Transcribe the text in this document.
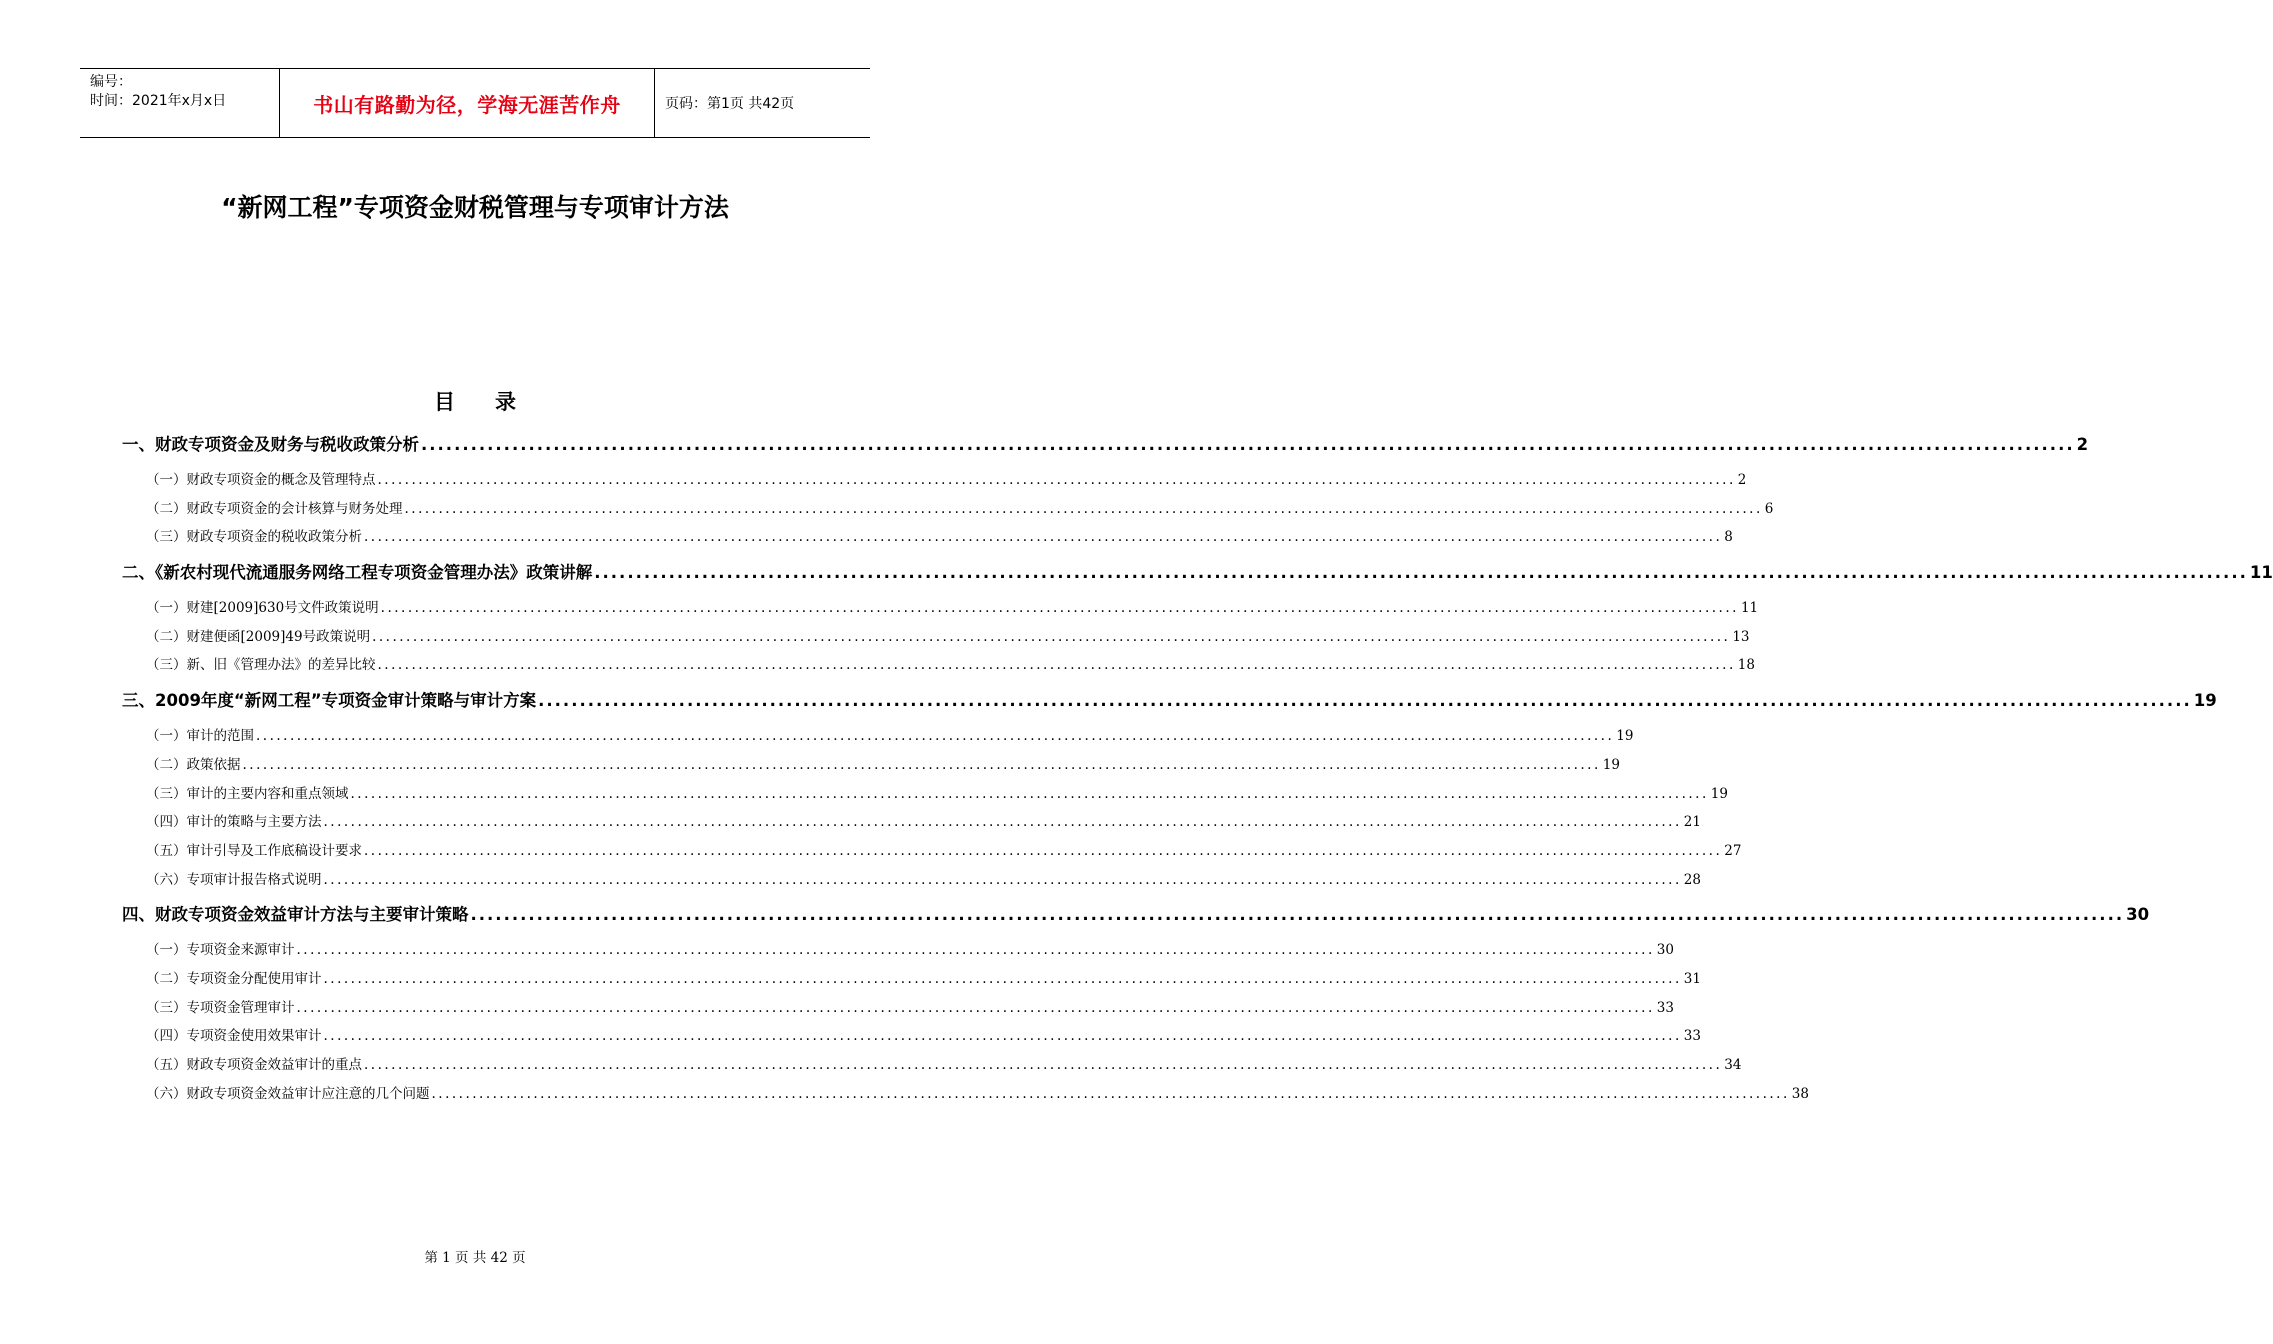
编号：
时间：2021年x月x日	书山有路勤为径，学海无涯苦作舟	页码：第1页 共42页
“新网工程”专项资金财税管理与专项审计方法
目录
一、财政专项资金及财务与税收政策分析 ........................................................................................................................................................................................................ 2
（一）财政专项资金的概念及管理特点 ........................................................................................................................................................................................................ 2
（二）财政专项资金的会计核算与财务处理 ........................................................................................................................................................................................................ 6
（三）财政专项资金的税收政策分析 ........................................................................................................................................................................................................ 8
二、《新农村现代流通服务网络工程专项资金管理办法》政策讲解 ........................................................................................................................................................................................................ 11
（一）财建[2009]630号文件政策说明 ........................................................................................................................................................................................................ 11
（二）财建便函[2009]49号政策说明 ........................................................................................................................................................................................................ 13
（三）新、旧《管理办法》的差异比较 ........................................................................................................................................................................................................ 18
三、2009年度“新网工程”专项资金审计策略与审计方案 ........................................................................................................................................................................................................ 19
（一）审计的范围 ........................................................................................................................................................................................................ 19
（二）政策依据 ........................................................................................................................................................................................................ 19
（三）审计的主要内容和重点领域 ........................................................................................................................................................................................................ 19
（四）审计的策略与主要方法 ........................................................................................................................................................................................................ 21
（五）审计引导及工作底稿设计要求 ........................................................................................................................................................................................................ 27
（六）专项审计报告格式说明 ........................................................................................................................................................................................................ 28
四、财政专项资金效益审计方法与主要审计策略 ........................................................................................................................................................................................................ 30
（一）专项资金来源审计 ........................................................................................................................................................................................................ 30
（二）专项资金分配使用审计 ........................................................................................................................................................................................................ 31
（三）专项资金管理审计 ........................................................................................................................................................................................................ 33
（四）专项资金使用效果审计 ........................................................................................................................................................................................................ 33
（五）财政专项资金效益审计的重点 ........................................................................................................................................................................................................ 34
（六）财政专项资金效益审计应注意的几个问题 ........................................................................................................................................................................................................ 38
第 1 页 共 42 页
